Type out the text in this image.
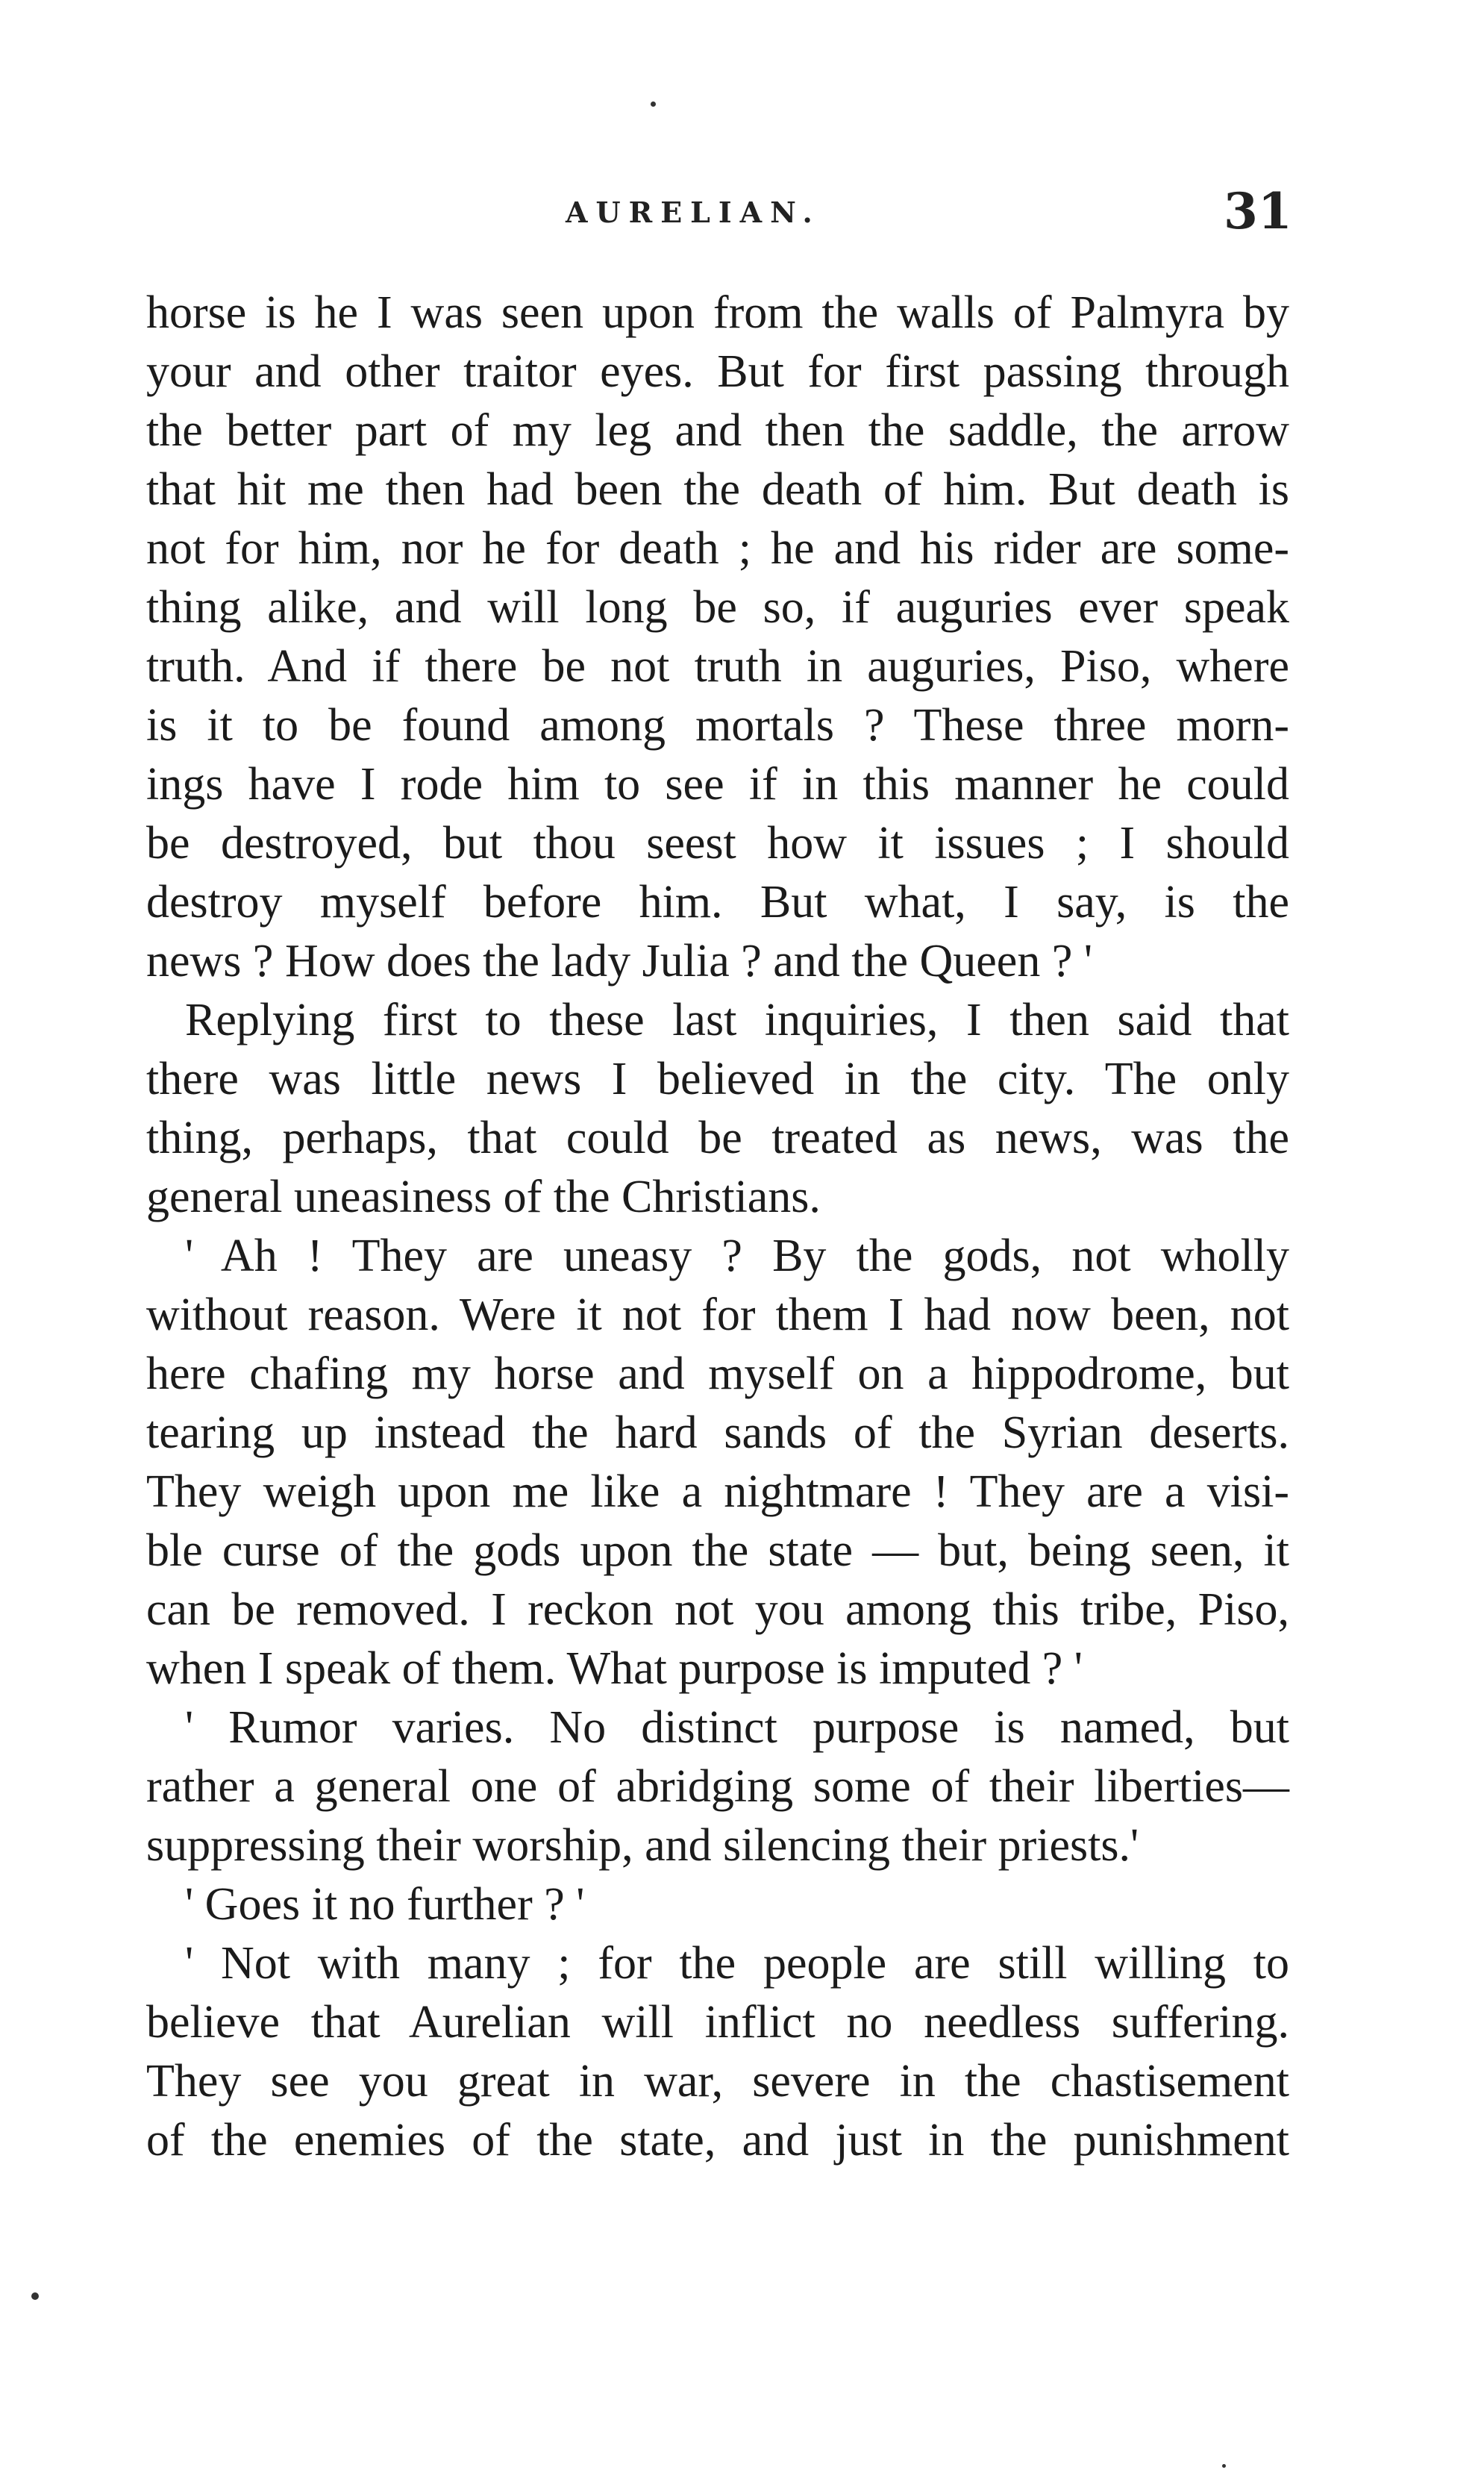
AURELIAN.	31
horse is he I was seen upon from the walls of Palmyra by
your and other traitor eyes. But for first passing through
the better part of my leg and then the saddle, the arrow
that hit me then had been the death of him. But death is
not for him, nor he for death ; he and his rider are some-
thing alike, and will long be so, if auguries ever speak
truth. And if there be not truth in auguries, Piso, where
is it to be found among mortals ? These three morn-
ings have I rode him to see if in this manner he could
be destroyed, but thou seest how it issues ; I should
destroy myself before him. But what, I say, is the
news ? How does the lady Julia ? and the Queen ? '
Replying first to these last inquiries, I then said that
there was little news I believed in the city. The only
thing, perhaps, that could be treated as news, was the
general uneasiness of the Christians.
' Ah ! They are uneasy ? By the gods, not wholly
without reason. Were it not for them I had now been, not
here chafing my horse and myself on a hippodrome, but
tearing up instead the hard sands of the Syrian deserts.
They weigh upon me like a nightmare ! They are a visi-
ble curse of the gods upon the state — but, being seen, it
can be removed. I reckon not you among this tribe, Piso,
when I speak of them. What purpose is imputed ? '
' Rumor varies. No distinct purpose is named, but
rather a general one of abridging some of their liberties—
suppressing their worship, and silencing their priests.'
' Goes it no further ? '
' Not with many ; for the people are still willing to
believe that Aurelian will inflict no needless suffering.
They see you great in war, severe in the chastisement
of the enemies of the state, and just in the punishment
